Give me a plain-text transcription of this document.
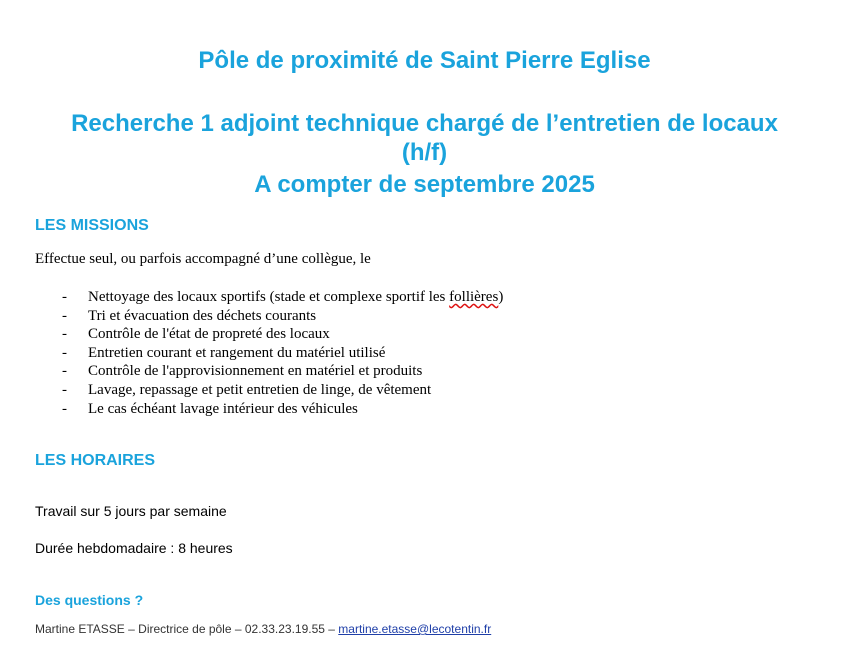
Pôle de proximité de Saint Pierre Eglise
Recherche 1 adjoint technique chargé de l’entretien de locaux
(h/f)
A compter de septembre 2025
LES MISSIONS

Effectue seul, ou parfois accompagné d’une collègue, le

- Nettoyage des locaux sportifs (stade et complexe sportif les follières)
- Tri et évacuation des déchets courants
- Contrôle de l'état de propreté des locaux
- Entretien courant et rangement du matériel utilisé
- Contrôle de l'approvisionnement en matériel et produits
- Lavage, repassage et petit entretien de linge, de vêtement
- Le cas échéant lavage intérieur des véhicules
LES HORAIRES

Travail sur 5 jours par semaine

Durée hebdomadaire : 8 heures

Des questions ?

Martine ETASSE – Directrice de pôle – 02.33.23.19.55 – martine.etasse@lecotentin.fr
